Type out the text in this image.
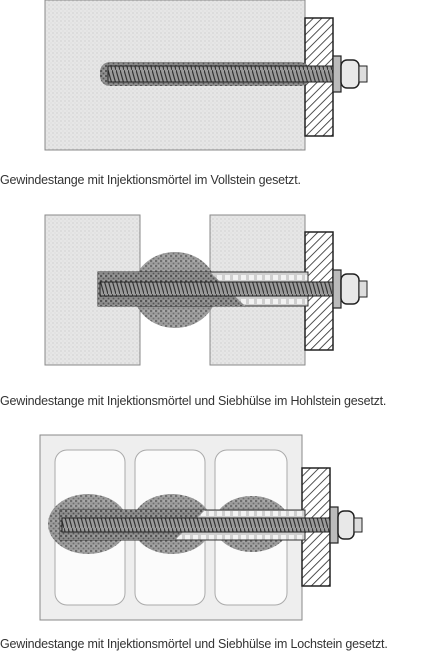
Gewindestange mit Injektionsmörtel im Vollstein gesetzt.
Gewindestange mit Injektionsmörtel und Siebhülse im Hohlstein gesetzt.
Gewindestange mit Injektionsmörtel und Siebhülse im Lochstein gesetzt.
